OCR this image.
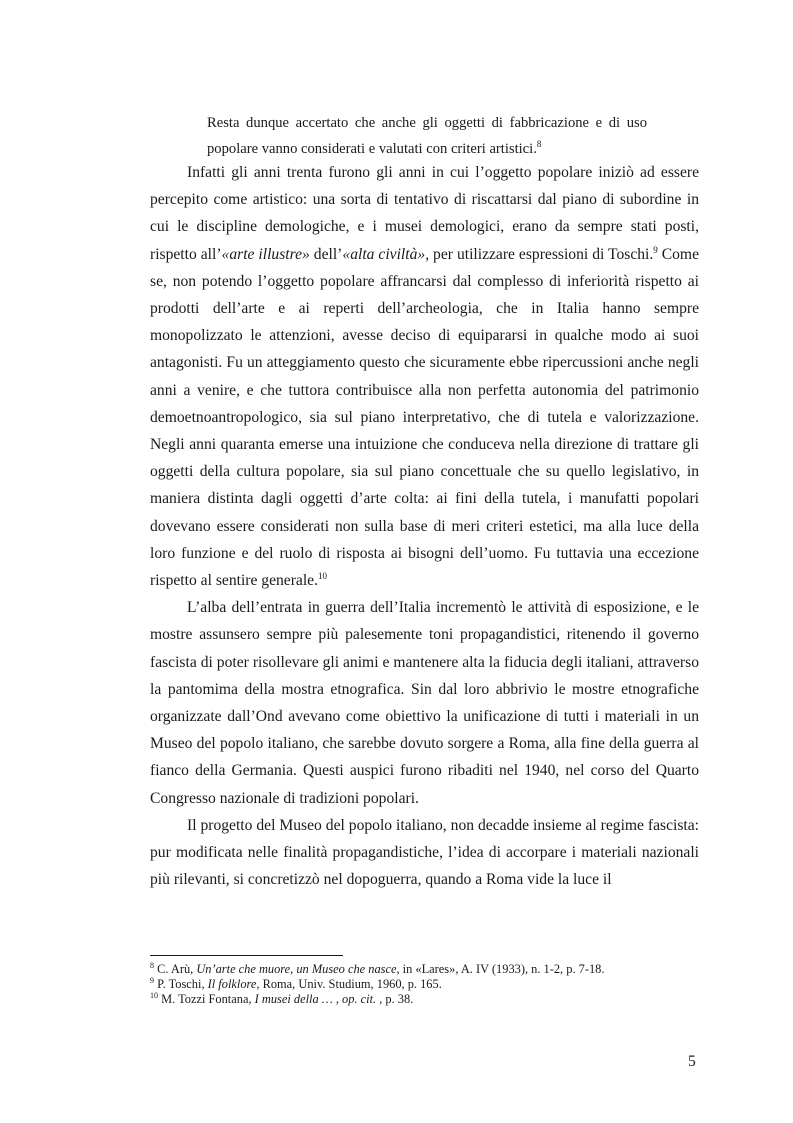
Resta dunque accertato che anche gli oggetti di fabbricazione e di uso popolare vanno considerati e valutati con criteri artistici.$^8$

Infatti gli anni trenta furono gli anni in cui l’oggetto popolare iniziò ad essere percepito come artistico: una sorta di tentativo di riscattarsi dal piano di subordine in cui le discipline demologiche, e i musei demologici, erano da sempre stati posti, rispetto all’«arte illustre» dell’«alta civiltà», per utilizzare espressioni di Toschi.$^9$ Come se, non potendo l’oggetto popolare affrancarsi dal complesso di inferiorità rispetto ai prodotti dell’arte e ai reperti dell’archeologia, che in Italia hanno sempre monopolizzato le attenzioni, avesse deciso di equipararsi in qualche modo ai suoi antagonisti. Fu un atteggiamento questo che sicuramente ebbe ripercussioni anche negli anni a venire, e che tuttora contribuisce alla non perfetta autonomia del patrimonio demoetnoantropologico, sia sul piano interpretativo, che di tutela e valorizzazione. Negli anni quaranta emerse una intuizione che conduceva nella direzione di trattare gli oggetti della cultura popolare, sia sul piano concettuale che su quello legislativo, in maniera distinta dagli oggetti d’arte colta: ai fini della tutela, i manufatti popolari dovevano essere considerati non sulla base di meri criteri estetici, ma alla luce della loro funzione e del ruolo di risposta ai bisogni dell’uomo. Fu tuttavia una eccezione rispetto al sentire generale.$^{10}$

L’alba dell’entrata in guerra dell’Italia incrementò le attività di esposizione, e le mostre assunsero sempre più palesemente toni propagandistici, ritenendo il governo fascista di poter risollevare gli animi e mantenere alta la fiducia degli italiani, attraverso la pantomima della mostra etnografica. Sin dal loro abbrivio le mostre etnografiche organizzate dall’Ond avevano come obiettivo la unificazione di tutti i materiali in un Museo del popolo italiano, che sarebbe dovuto sorgere a Roma, alla fine della guerra al fianco della Germania. Questi auspici furono ribaditi nel 1940, nel corso del Quarto Congresso nazionale di tradizioni popolari.

Il progetto del Museo del popolo italiano, non decadde insieme al regime fascista: pur modificata nelle finalità propagandistiche, l’idea di accorpare i materiali nazionali più rilevanti, si concretizzò nel dopoguerra, quando a Roma vide la luce il

$^8$ C. Arù, Un’arte che muore, un Museo che nasce, in «Lares», A. IV (1933), n. 1-2, p. 7-18.
$^9$ P. Toschi, Il folklore, Roma, Univ. Studium, 1960, p. 165.
$^{10}$ M. Tozzi Fontana, I musei della … , op. cit. , p. 38.
5
